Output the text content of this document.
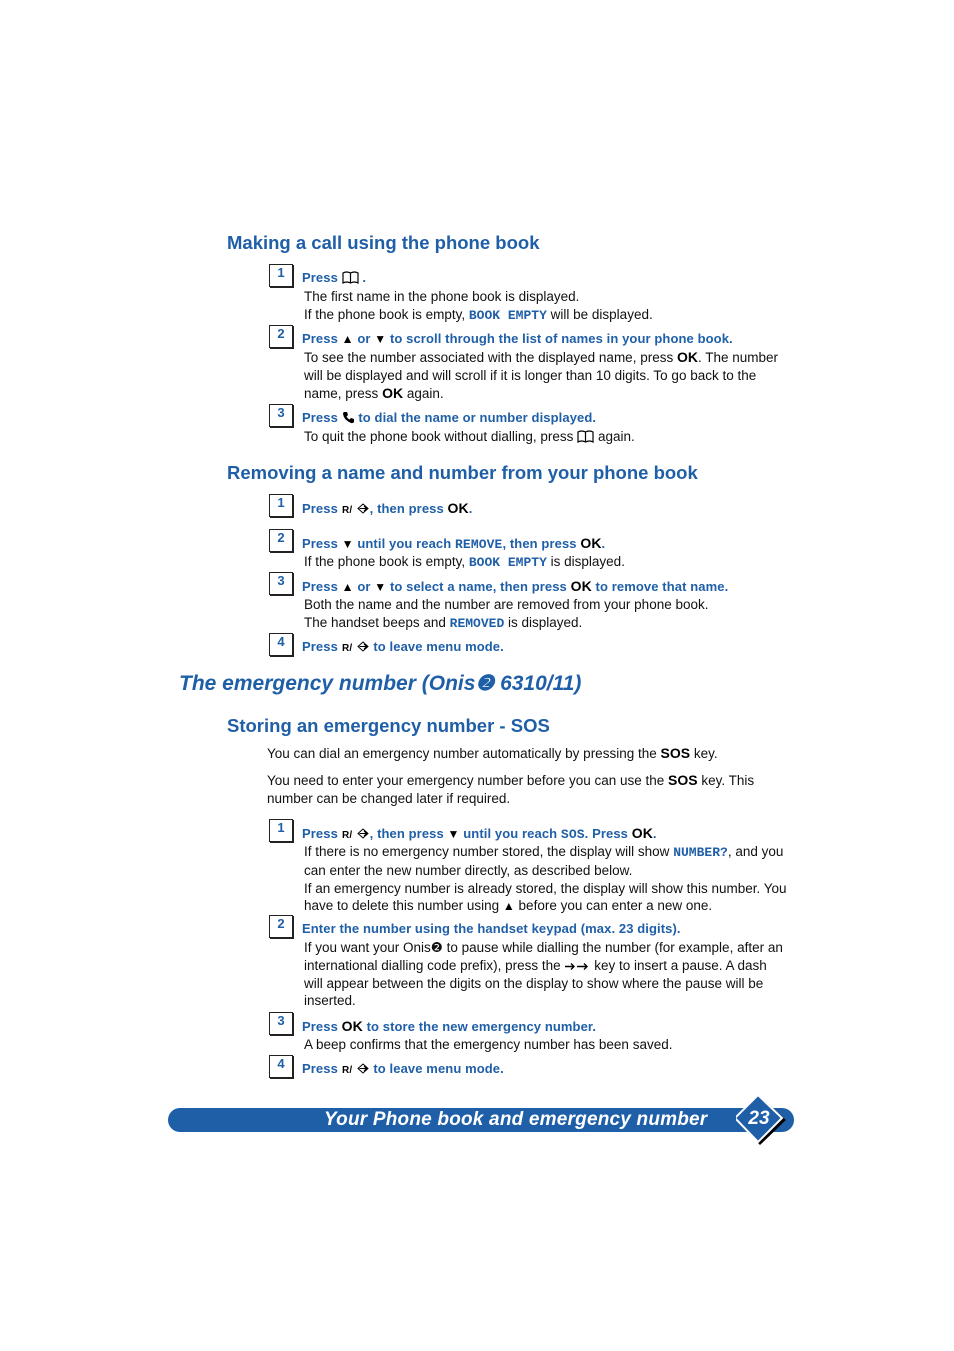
Making a call using the phone book
1	Press .

The first name in the phone book is displayed.

If the phone book is empty, BOOK EMPTY will be displayed.

2	Press ▲ or ▼ to scroll through the list of names in your phone book.

To see the number associated with the displayed name, press OK. The number will be displayed and will scroll if it is longer than 10 digits. To go back to the name, press OK again.

3	Press to dial the name or number displayed.

To quit the phone book without dialling, press again.

Removing a name and number from your phone book
1	Press R/ , then press OK.
2	Press ▼ until you reach REMOVE, then press OK.

If the phone book is empty, BOOK EMPTY is displayed.

3	Press ▲ or ▼ to select a name, then press OK to remove that name.

Both the name and the number are removed from your phone book.

The handset beeps and REMOVED is displayed.

4	Press R/ to leave menu mode.
The emergency number (Onis❷ 6310/11)
Storing an emergency number - SOS

You can dial an emergency number automatically by pressing the SOS key.

You need to enter your emergency number before you can use the SOS key. This number can be changed later if required.

1	Press R/ , then press ▼ until you reach SOS. Press OK.

If there is no emergency number stored, the display will show NUMBER?, and you can enter the new number directly, as described below.

If an emergency number is already stored, the display will show this number. You have to delete this number using ▲ before you can enter a new one.

2	Enter the number using the handset keypad (max. 23 digits).

If you want your Onis❷ to pause while dialling the number (for example, after an international dialling code prefix), press the key to insert a pause. A dash will appear between the digits on the display to show where the pause will be inserted.

3	Press OK to store the new emergency number.

A beep confirms that the emergency number has been saved.

4	Press R/ to leave menu mode.
Your Phone book and emergency number	23
